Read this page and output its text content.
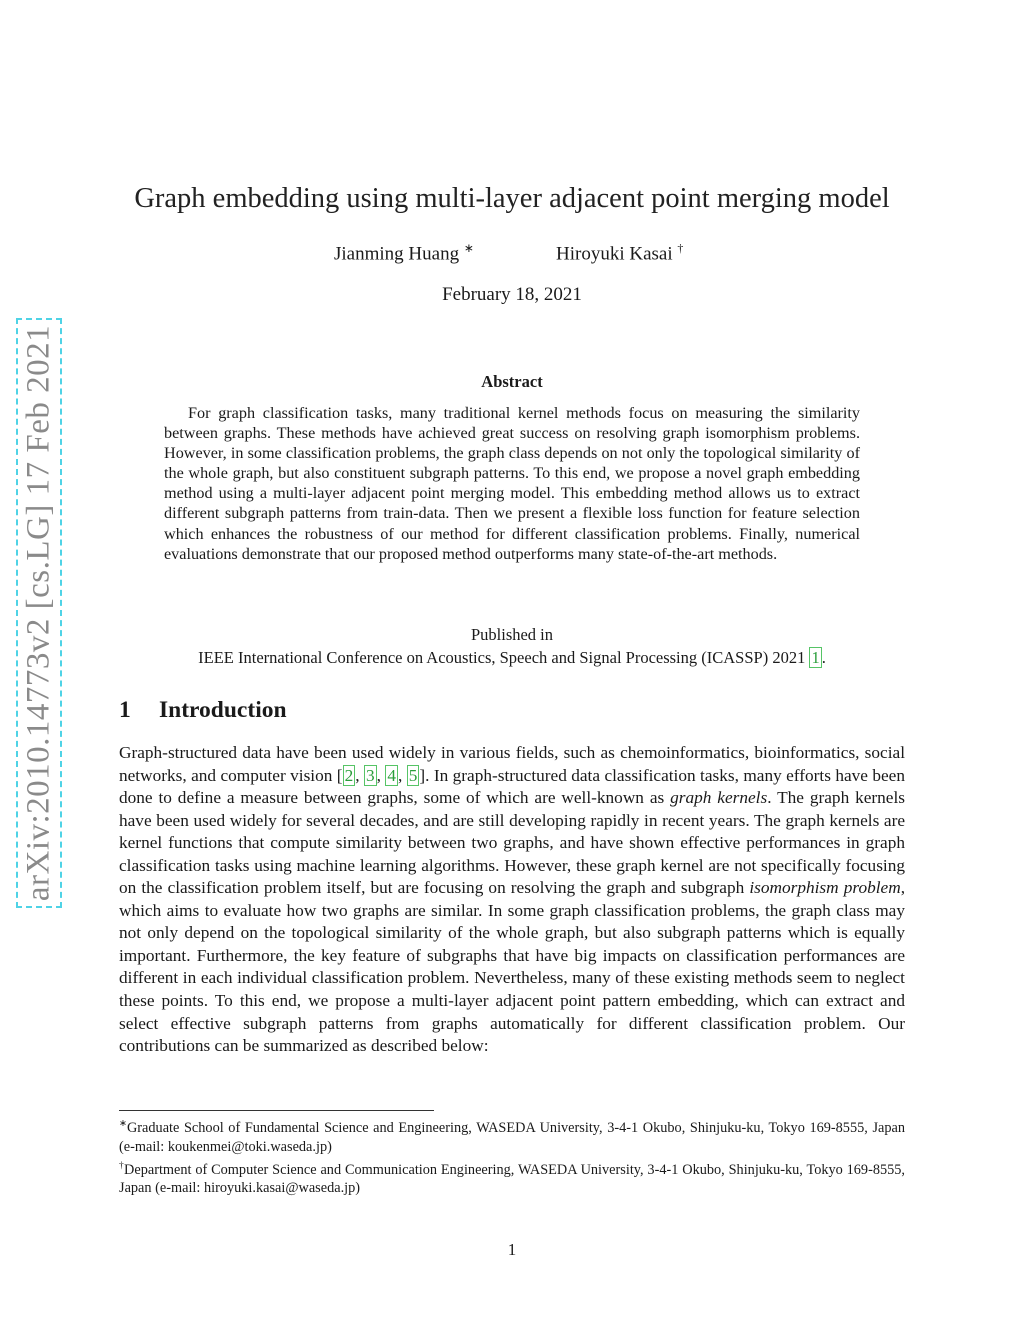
arXiv:2010.14773v2 [cs.LG] 17 Feb 2021
Graph embedding using multi-layer adjacent point merging model
Jianming Huang ∗	Hiroyuki Kasai †
February 18, 2021
Abstract
For graph classification tasks, many traditional kernel methods focus on measuring the similarity between graphs. These methods have achieved great success on resolving graph isomorphism problems. However, in some classification problems, the graph class depends on not only the topological similarity of the whole graph, but also constituent subgraph patterns. To this end, we propose a novel graph embedding method using a multi-layer adjacent point merging model. This embedding method allows us to extract different subgraph patterns from train-data. Then we present a flexible loss function for feature selection which enhances the robustness of our method for different classification problems. Finally, numerical evaluations demonstrate that our proposed method outperforms many state-of-the-art methods.
Published in
IEEE International Conference on Acoustics, Speech and Signal Processing (ICASSP) 2021 1 .
1 Introduction
Graph-structured data have been used widely in various fields, such as chemoinformatics, bioinformatics, social networks, and computer vision [ 2 , 3 , 4 , 5 ]. In graph-structured data classification tasks, many efforts have been done to define a measure between graphs, some of which are well-known as graph kernels. The graph kernels have been used widely for several decades, and are still developing rapidly in recent years. The graph kernels are kernel functions that compute similarity between two graphs, and have shown effective performances in graph classification tasks using machine learning algorithms. However, these graph kernel are not specifically focusing on the classification problem itself, but are focusing on resolving the graph and subgraph isomorphism problem, which aims to evaluate how two graphs are similar. In some graph classification problems, the graph class may not only depend on the topological similarity of the whole graph, but also subgraph patterns which is equally important. Furthermore, the key feature of subgraphs that have big impacts on classification performances are different in each individual classification problem. Nevertheless, many of these existing methods seem to neglect these points. To this end, we propose a multi-layer adjacent point pattern embedding, which can extract and select effective subgraph patterns from graphs automatically for different classification problem. Our contributions can be summarized as described below:

∗Graduate School of Fundamental Science and Engineering, WASEDA University, 3-4-1 Okubo, Shinjuku-ku, Tokyo 169-8555, Japan (e-mail: koukenmei@toki.waseda.jp)

†Department of Computer Science and Communication Engineering, WASEDA University, 3-4-1 Okubo, Shinjuku-ku, Tokyo 169-8555, Japan (e-mail: hiroyuki.kasai@waseda.jp)

1
